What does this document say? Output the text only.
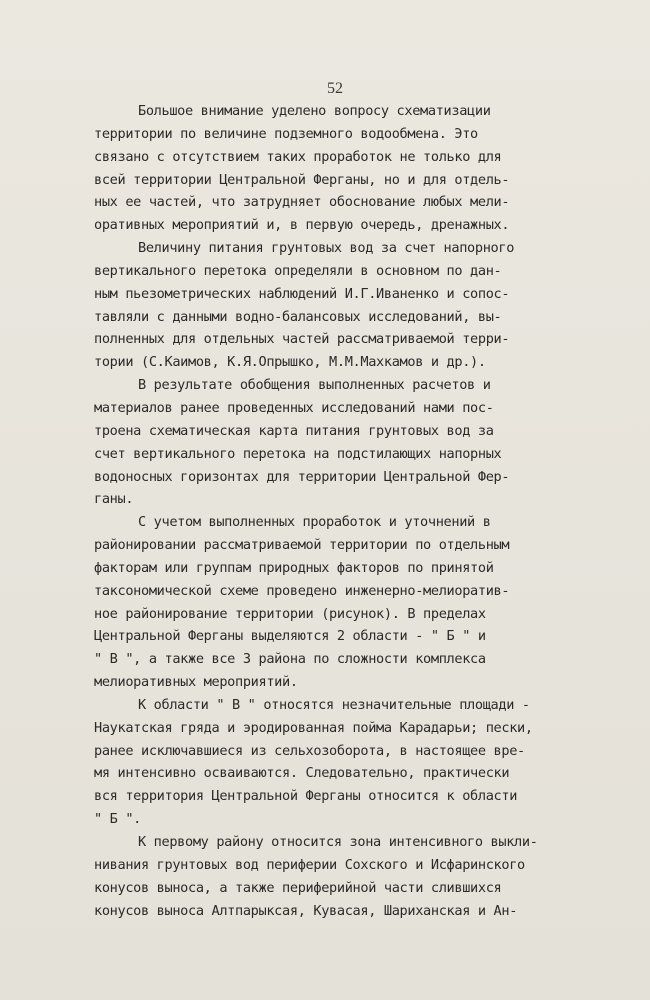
52
Большое внимание уделено вопросу схематизации
территории по величине подземного водообмена. Это
связано с отсутствием таких проработок не только для
всей территории Центральной Ферганы, но и для отдель-
ных ее частей, что затрудняет обоснование любых мели-
оративных мероприятий и, в первую очередь, дренажных.
Величину питания грунтовых вод за счет напорного
вертикального перетока определяли в основном по дан-
ным пьезометрических наблюдений И.Г.Иваненко и сопос-
тавляли с данными водно-балансовых исследований, вы-
полненных для отдельных частей рассматриваемой терри-
тории (С.Каимов, К.Я.Опрышко, М.М.Махкамов и др.).
В результате обобщения выполненных расчетов и
материалов ранее проведенных исследований нами пос-
троена схематическая карта питания грунтовых вод за
счет вертикального перетока на подстилающих напорных
водоносных горизонтах для территории Центральной Фер-
ганы.
С учетом выполненных проработок и уточнений в
районировании рассматриваемой территории по отдельным
факторам или группам природных факторов по принятой
таксономической схеме проведено инженерно-мелиоратив-
ное районирование территории (рисунок). В пределах
Центральной Ферганы выделяются 2 области - " Б " и
" В ", а также все 3 района по сложности комплекса
мелиоративных мероприятий.
К области " В " относятся незначительные площади -
Наукатская гряда и эродированная пойма Карадарьи; пески,
ранее исключавшиеся из сельхозоборота, в настоящее вре-
мя интенсивно осваиваются. Следовательно, практически
вся территория Центральной Ферганы относится к области
" Б ".
К первому району относится зона интенсивного выкли-
нивания грунтовых вод периферии Сохского и Исфаринского
конусов выноса, а также периферийной части слившихся
конусов выноса Алтпарыксая, Кувасая, Шариханская и Ан-
